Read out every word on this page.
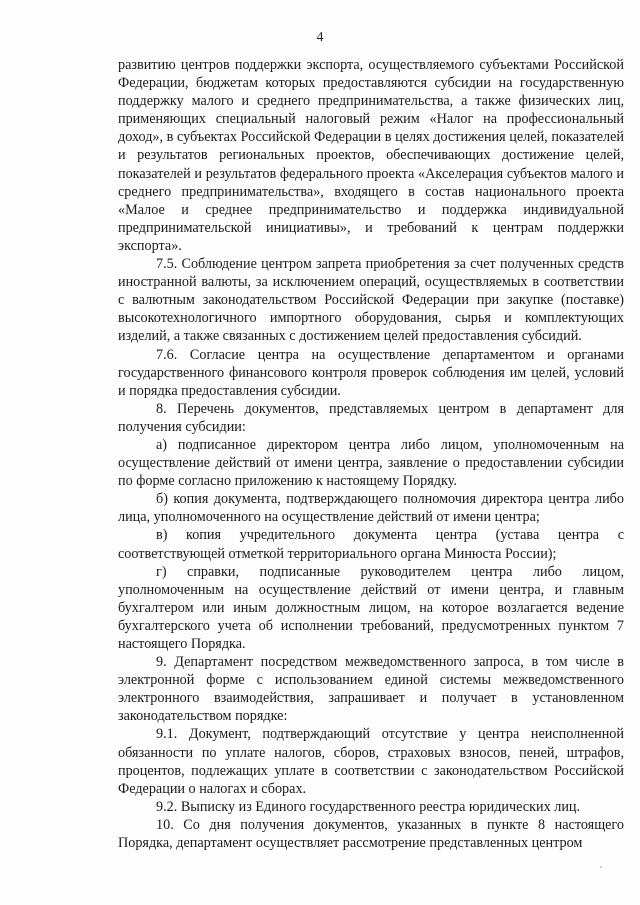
4

развитию центров поддержки экспорта, осуществляемого субъектами Российской Федерации, бюджетам которых предоставляются субсидии на государственную поддержку малого и среднего предпринимательства, а также физических лиц, применяющих специальный налоговый режим «Налог на профессиональный доход», в субъектах Российской Федерации в целях достижения целей, показателей и результатов региональных проектов, обеспечивающих достижение целей, показателей и результатов федерального проекта «Акселерация субъектов малого и среднего предпринимательства», входящего в состав национального проекта «Малое и среднее предпринимательство и поддержка индивидуальной предпринимательской инициативы», и требований к центрам поддержки экспорта».

7.5. Соблюдение центром запрета приобретения за счет полученных средств иностранной валюты, за исключением операций, осуществляемых в соответствии с валютным законодательством Российской Федерации при закупке (поставке) высокотехнологичного импортного оборудования, сырья и комплектующих изделий, а также связанных с достижением целей предоставления субсидий.

7.6. Согласие центра на осуществление департаментом и органами государственного финансового контроля проверок соблюдения им целей, условий и порядка предоставления субсидии.

8. Перечень документов, представляемых центром в департамент для получения субсидии:

а) подписанное директором центра либо лицом, уполномоченным на осуществление действий от имени центра, заявление о предоставлении субсидии по форме согласно приложению к настоящему Порядку.

б) копия документа, подтверждающего полномочия директора центра либо лица, уполномоченного на осуществление действий от имени центра;

в) копия учредительного документа центра (устава центра с соответствующей отметкой территориального органа Минюста России);

г) справки, подписанные руководителем центра либо лицом, уполномоченным на осуществление действий от имени центра, и главным бухгалтером или иным должностным лицом, на которое возлагается ведение бухгалтерского учета об исполнении требований, предусмотренных пунктом 7 настоящего Порядка.

9. Департамент посредством межведомственного запроса, в том числе в электронной форме с использованием единой системы межведомственного электронного взаимодействия, запрашивает и получает в установленном законодательством порядке:

9.1. Документ, подтверждающий отсутствие у центра неисполненной обязанности по уплате налогов, сборов, страховых взносов, пеней, штрафов, процентов, подлежащих уплате в соответствии с законодательством Российской Федерации о налогах и сборах.

9.2. Выписку из Единого государственного реестра юридических лиц.

10. Со дня получения документов, указанных в пункте 8 настоящего Порядка, департамент осуществляет рассмотрение представленных центром
